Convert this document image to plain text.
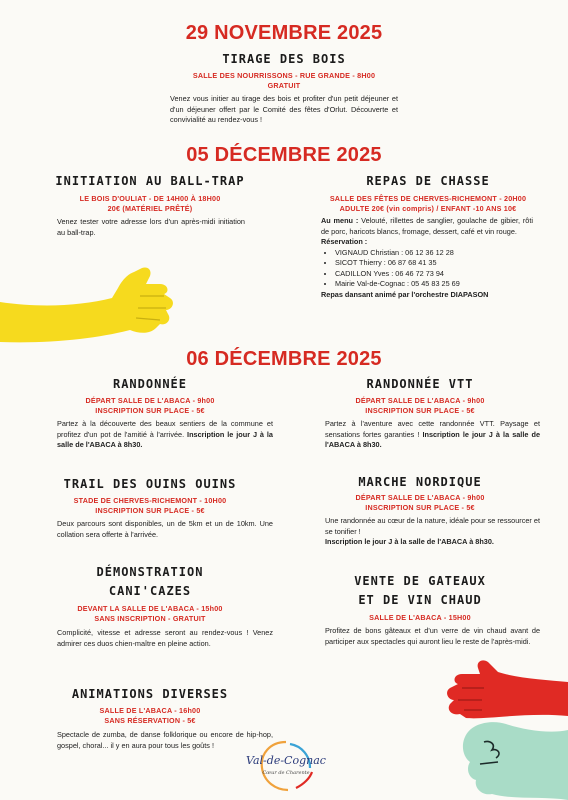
29 NOVEMBRE 2025
TIRAGE DES BOIS
SALLE DES NOURRISSONS - RUE GRANDE - 8H00
GRATUIT
Venez vous initier au tirage des bois et profiter d'un petit déjeuner et d'un déjeuner offert par le Comité des fêtes d'Orlut. Découverte et convivialité au rendez-vous !
05 DÉCEMBRE 2025
INITIATION AU BALL-TRAP
LE BOIS D'OULIAT - DE 14H00 À 18H00
20€ (MATÉRIEL PRÊTÉ)
Venez tester votre adresse lors d'un après-midi initiation au ball-trap.
REPAS DE CHASSE
SALLE DES FÊTES DE CHERVES-RICHEMONT - 20H00
ADULTE 20€ (vin compris) / ENFANT -10 ANS 10€
Au menu : Velouté, rillettes de sanglier, goulache de gibier, rôti de porc, haricots blancs, fromage, dessert, café et vin rouge.
Réservation :
• VIGNAUD Christian : 06 12 36 12 28
• SICOT Thierry : 06 87 68 41 35
• CADILLON Yves : 06 46 72 73 94
• Mairie Val-de-Cognac : 05 45 83 25 69
Repas dansant animé par l'orchestre DIAPASON
06 DÉCEMBRE 2025
RANDONNÉE
DÉPART SALLE DE L'ABACA - 9h00
INSCRIPTION SUR PLACE - 5€
Partez à la découverte des beaux sentiers de la commune et profitez d'un pot de l'amitié à l'arrivée. Inscription le jour J à la salle de l'ABACA à 8h30.
RANDONNÉE VTT
DÉPART SALLE DE L'ABACA - 9h00
INSCRIPTION SUR PLACE - 5€
Partez à l'aventure avec cette randonnée VTT. Paysage et sensations fortes garanties ! Inscription le jour J à la salle de l'ABACA à 8h30.
TRAIL DES OUINS OUINS
STADE DE CHERVES-RICHEMONT - 10H00
INSCRIPTION SUR PLACE - 5€
Deux parcours sont disponibles, un de 5km et un de 10km. Une collation sera offerte à l'arrivée.
MARCHE NORDIQUE
DÉPART SALLE DE L'ABACA - 9h00
INSCRIPTION SUR PLACE - 5€
Une randonnée au cœur de la nature, idéale pour se ressourcer et se tonifier !
Inscription le jour J à la salle de l'ABACA à 8h30.
DÉMONSTRATION
CANI'CAZES
DEVANT LA SALLE DE L'ABACA - 15h00
SANS INSCRIPTION - GRATUIT
Complicité, vitesse et adresse seront au rendez-vous ! Venez admirer ces duos chien-maître en pleine action.
VENTE DE GATEAUX
ET DE VIN CHAUD
SALLE DE L'ABACA - 15H00
Profitez de bons gâteaux et d'un verre de vin chaud avant de participer aux spectacles qui auront lieu le reste de l'après-midi.
ANIMATIONS DIVERSES
SALLE DE L'ABACA - 16h00
SANS RÉSERVATION - 5€
Spectacle de zumba, de danse folklorique ou encore de hip-hop, gospel, choral... il y en aura pour tous les goûts !
Val-de-Cognac
Cœur de Charente
